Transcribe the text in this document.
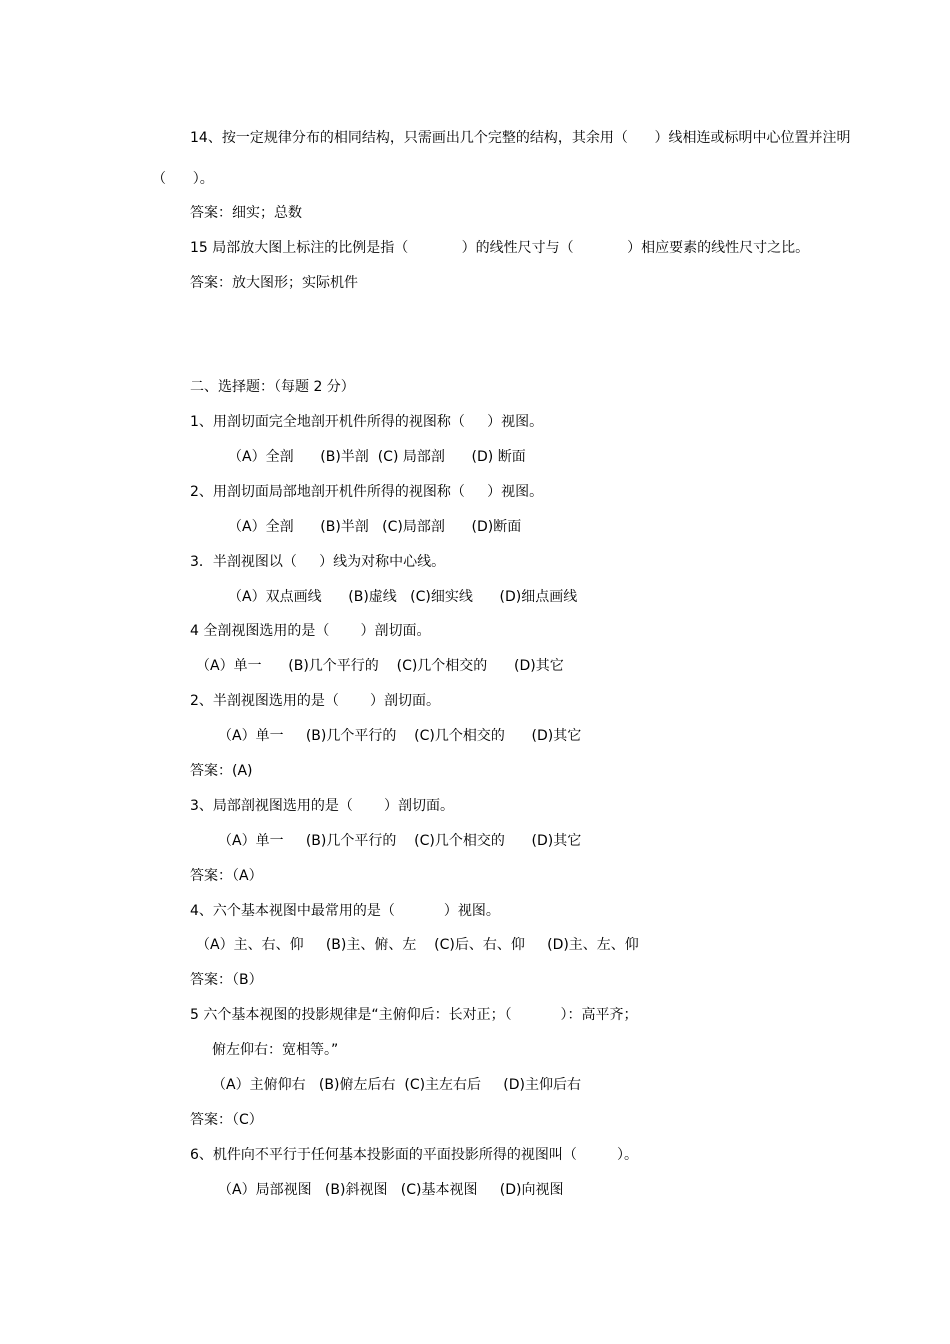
14、按一定规律分布的相同结构，只需画出几个完整的结构，其余用（      ）线相连或标明中心位置并注明
（      ）。
答案：细实；总数
15 局部放大图上标注的比例是指（            ）的线性尺寸与（            ）相应要素的线性尺寸之比。
答案：放大图形；实际机件
二、选择题：（每题 2 分）
1、用剖切面完全地剖开机件所得的视图称（     ）视图。
（A）全剖      (B)半剖  (C) 局部剖      (D) 断面
2、用剖切面局部地剖开机件所得的视图称（     ）视图。
（A）全剖      (B)半剖   (C)局部剖      (D)断面
3．半剖视图以（     ）线为对称中心线。
（A）双点画线      (B)虚线   (C)细实线      (D)细点画线
4 全剖视图选用的是（       ）剖切面。
（A）单一      (B)几个平行的    (C)几个相交的      (D)其它
2、半剖视图选用的是（       ）剖切面。
（A）单一     (B)几个平行的    (C)几个相交的      (D)其它
答案：(A)
3、局部剖视图选用的是（       ）剖切面。
（A）单一     (B)几个平行的    (C)几个相交的      (D)其它
答案：（A）
4、六个基本视图中最常用的是（           ）视图。
（A）主、右、仰     (B)主、俯、左    (C)后、右、仰     (D)主、左、仰
答案：（B）
5 六个基本视图的投影规律是“主俯仰后：长对正；（           ）：高平齐；
俯左仰右：宽相等。”
（A）主俯仰右   (B)俯左后右  (C)主左右后     (D)主仰后右
答案：（C）
6、机件向不平行于任何基本投影面的平面投影所得的视图叫（         ）。
（A）局部视图   (B)斜视图   (C)基本视图     (D)向视图
